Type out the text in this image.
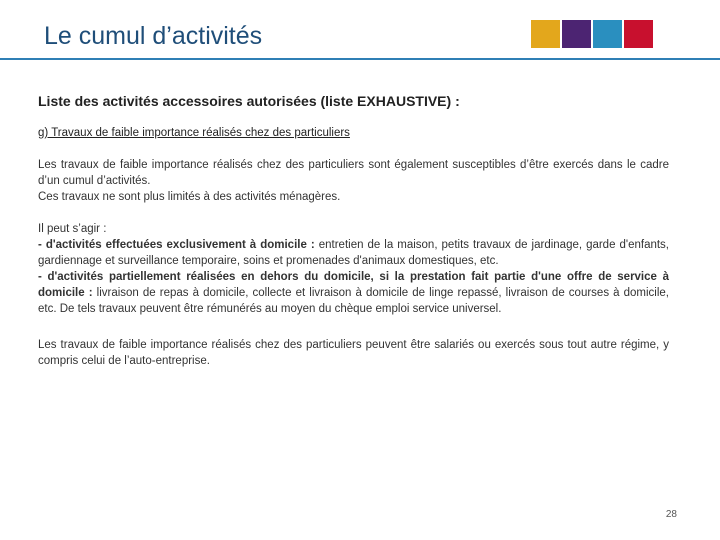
Le cumul d’activités
Liste des activités accessoires autorisées (liste EXHAUSTIVE) :
g) Travaux de faible importance réalisés chez des particuliers

Les travaux de faible importance réalisés chez des particuliers sont également susceptibles d’être exercés dans le cadre d’un cumul d’activités.
Ces travaux ne sont plus limités à des activités ménagères.

Il peut s’agir :
- d'activités effectuées exclusivement à domicile : entretien de la maison, petits travaux de jardinage, garde d'enfants, gardiennage et surveillance temporaire, soins et promenades d'animaux domestiques, etc.
- d'activités partiellement réalisées en dehors du domicile, si la prestation fait partie d'une offre de service à domicile : livraison de repas à domicile, collecte et livraison à domicile de linge repassé, livraison de courses à domicile, etc. De tels travaux peuvent être rémunérés au moyen du chèque emploi service universel.

Les travaux de faible importance réalisés chez des particuliers peuvent être salariés ou exercés sous tout autre régime, y compris celui de l’auto-entreprise.

28
